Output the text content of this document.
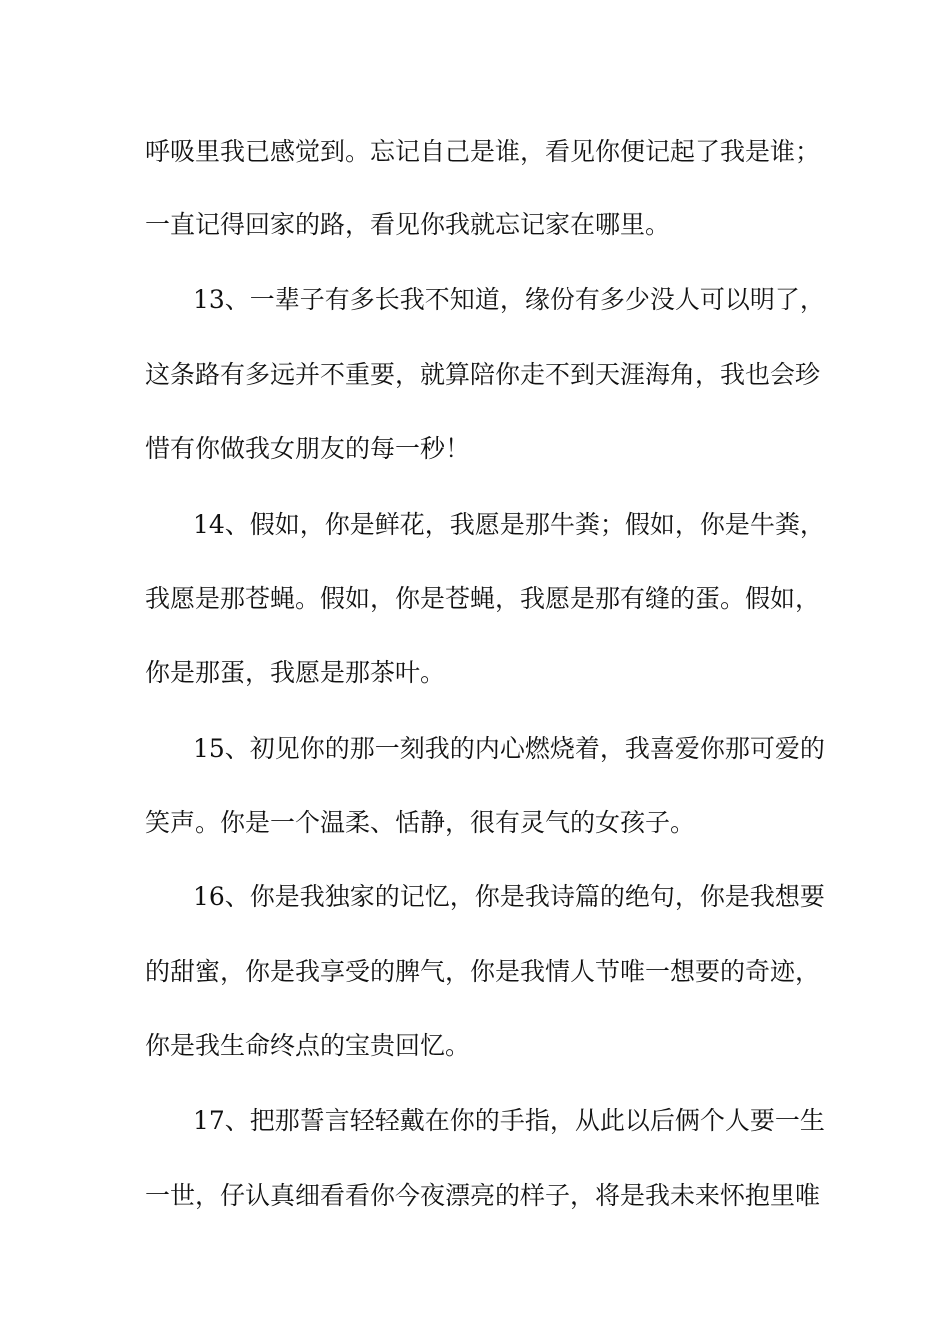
呼吸里我已感觉到。忘记自己是谁，看见你便记起了我是谁；
一直记得回家的路，看见你我就忘记家在哪里。
13、一辈子有多长我不知道，缘份有多少没人可以明了，
这条路有多远并不重要，就算陪你走不到天涯海角，我也会珍
惜有你做我女朋友的每一秒！
14、假如，你是鲜花，我愿是那牛粪；假如，你是牛粪，
我愿是那苍蝇。假如，你是苍蝇，我愿是那有缝的蛋。假如，
你是那蛋，我愿是那茶叶。
15、初见你的那一刻我的内心燃烧着，我喜爱你那可爱的
笑声。你是一个温柔、恬静，很有灵气的女孩子。
16、你是我独家的记忆，你是我诗篇的绝句，你是我想要
的甜蜜，你是我享受的脾气，你是我情人节唯一想要的奇迹，
你是我生命终点的宝贵回忆。
17、把那誓言轻轻戴在你的手指，从此以后俩个人要一生
一世，仔认真细看看你今夜漂亮的样子，将是我未来怀抱里唯
